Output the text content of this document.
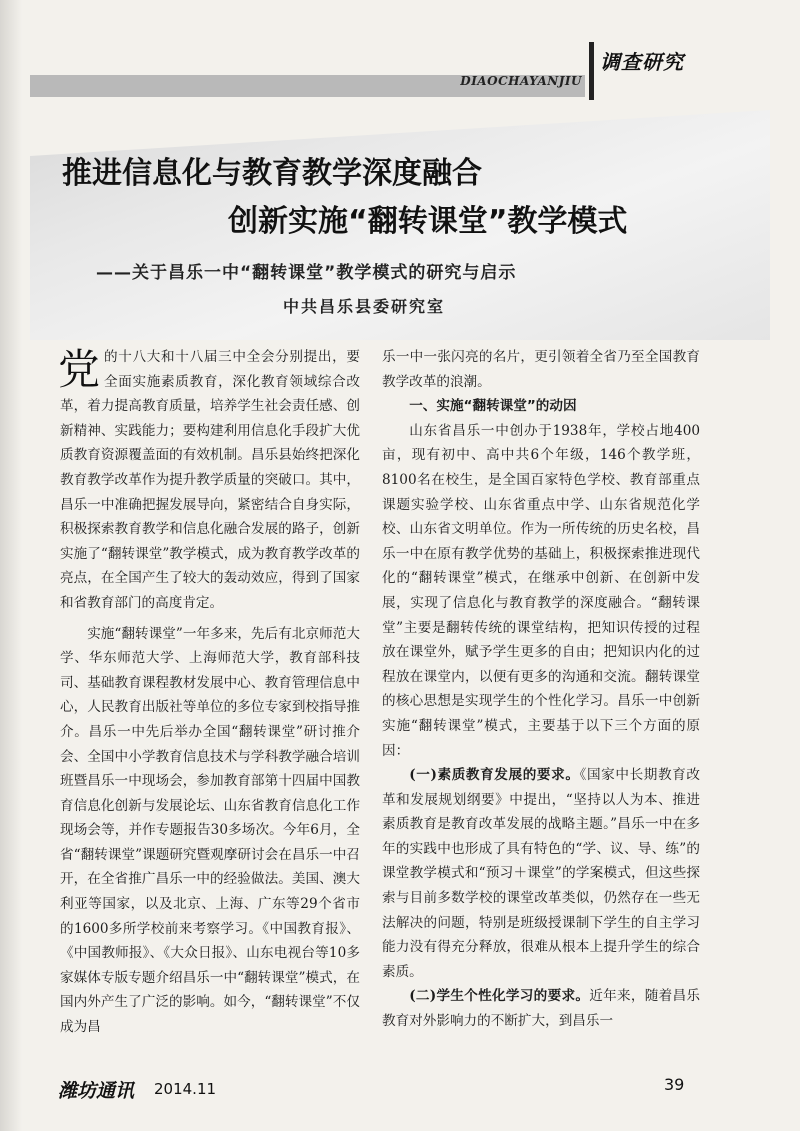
DIAOCHAYANJIU
调查研究
推进信息化与教育教学深度融合
创新实施“翻转课堂”教学模式
——关于昌乐一中“翻转课堂”教学模式的研究与启示
中共昌乐县委研究室

党的十八大和十八届三中全会分别提出，要全面实施素质教育，深化教育领域综合改革，着力提高教育质量，培养学生社会责任感、创新精神、实践能力；要构建利用信息化手段扩大优质教育资源覆盖面的有效机制。昌乐县始终把深化教育教学改革作为提升教学质量的突破口。其中，昌乐一中准确把握发展导向，紧密结合自身实际，积极探索教育教学和信息化融合发展的路子，创新实施了“翻转课堂”教学模式，成为教育教学改革的亮点，在全国产生了较大的轰动效应，得到了国家和省教育部门的高度肯定。

实施“翻转课堂”一年多来，先后有北京师范大学、华东师范大学、上海师范大学，教育部科技司、基础教育课程教材发展中心、教育管理信息中心，人民教育出版社等单位的多位专家到校指导推介。昌乐一中先后举办全国“翻转课堂”研讨推介会、全国中小学教育信息技术与学科教学融合培训班暨昌乐一中现场会，参加教育部第十四届中国教育信息化创新与发展论坛、山东省教育信息化工作现场会等，并作专题报告30多场次。今年6月，全省“翻转课堂”课题研究暨观摩研讨会在昌乐一中召开，在全省推广昌乐一中的经验做法。美国、澳大利亚等国家，以及北京、上海、广东等29个省市的1600多所学校前来考察学习。《中国教育报》、《中国教师报》、《大众日报》、山东电视台等10多家媒体专版专题介绍昌乐一中“翻转课堂”模式，在国内外产生了广泛的影响。如今，“翻转课堂”不仅成为昌

乐一中一张闪亮的名片，更引领着全省乃至全国教育教学改革的浪潮。

一、实施“翻转课堂”的动因

山东省昌乐一中创办于1938年，学校占地400亩，现有初中、高中共6个年级，146个教学班，8100名在校生，是全国百家特色学校、教育部重点课题实验学校、山东省重点中学、山东省规范化学校、山东省文明单位。作为一所传统的历史名校，昌乐一中在原有教学优势的基础上，积极探索推进现代化的“翻转课堂”模式，在继承中创新、在创新中发展，实现了信息化与教育教学的深度融合。“翻转课堂”主要是翻转传统的课堂结构，把知识传授的过程放在课堂外，赋予学生更多的自由；把知识内化的过程放在课堂内，以便有更多的沟通和交流。翻转课堂的核心思想是实现学生的个性化学习。昌乐一中创新实施“翻转课堂”模式，主要基于以下三个方面的原因：

(一)素质教育发展的要求。《国家中长期教育改革和发展规划纲要》中提出，“坚持以人为本、推进素质教育是教育改革发展的战略主题。”昌乐一中在多年的实践中也形成了具有特色的“学、议、导、练”的课堂教学模式和“预习＋课堂”的学案模式，但这些探索与目前多数学校的课堂改革类似，仍然存在一些无法解决的问题，特别是班级授课制下学生的自主学习能力没有得充分释放，很难从根本上提升学生的综合素质。

(二)学生个性化学习的要求。近年来，随着昌乐教育对外影响力的不断扩大，到昌乐一

潍坊通讯 2014.11	39
